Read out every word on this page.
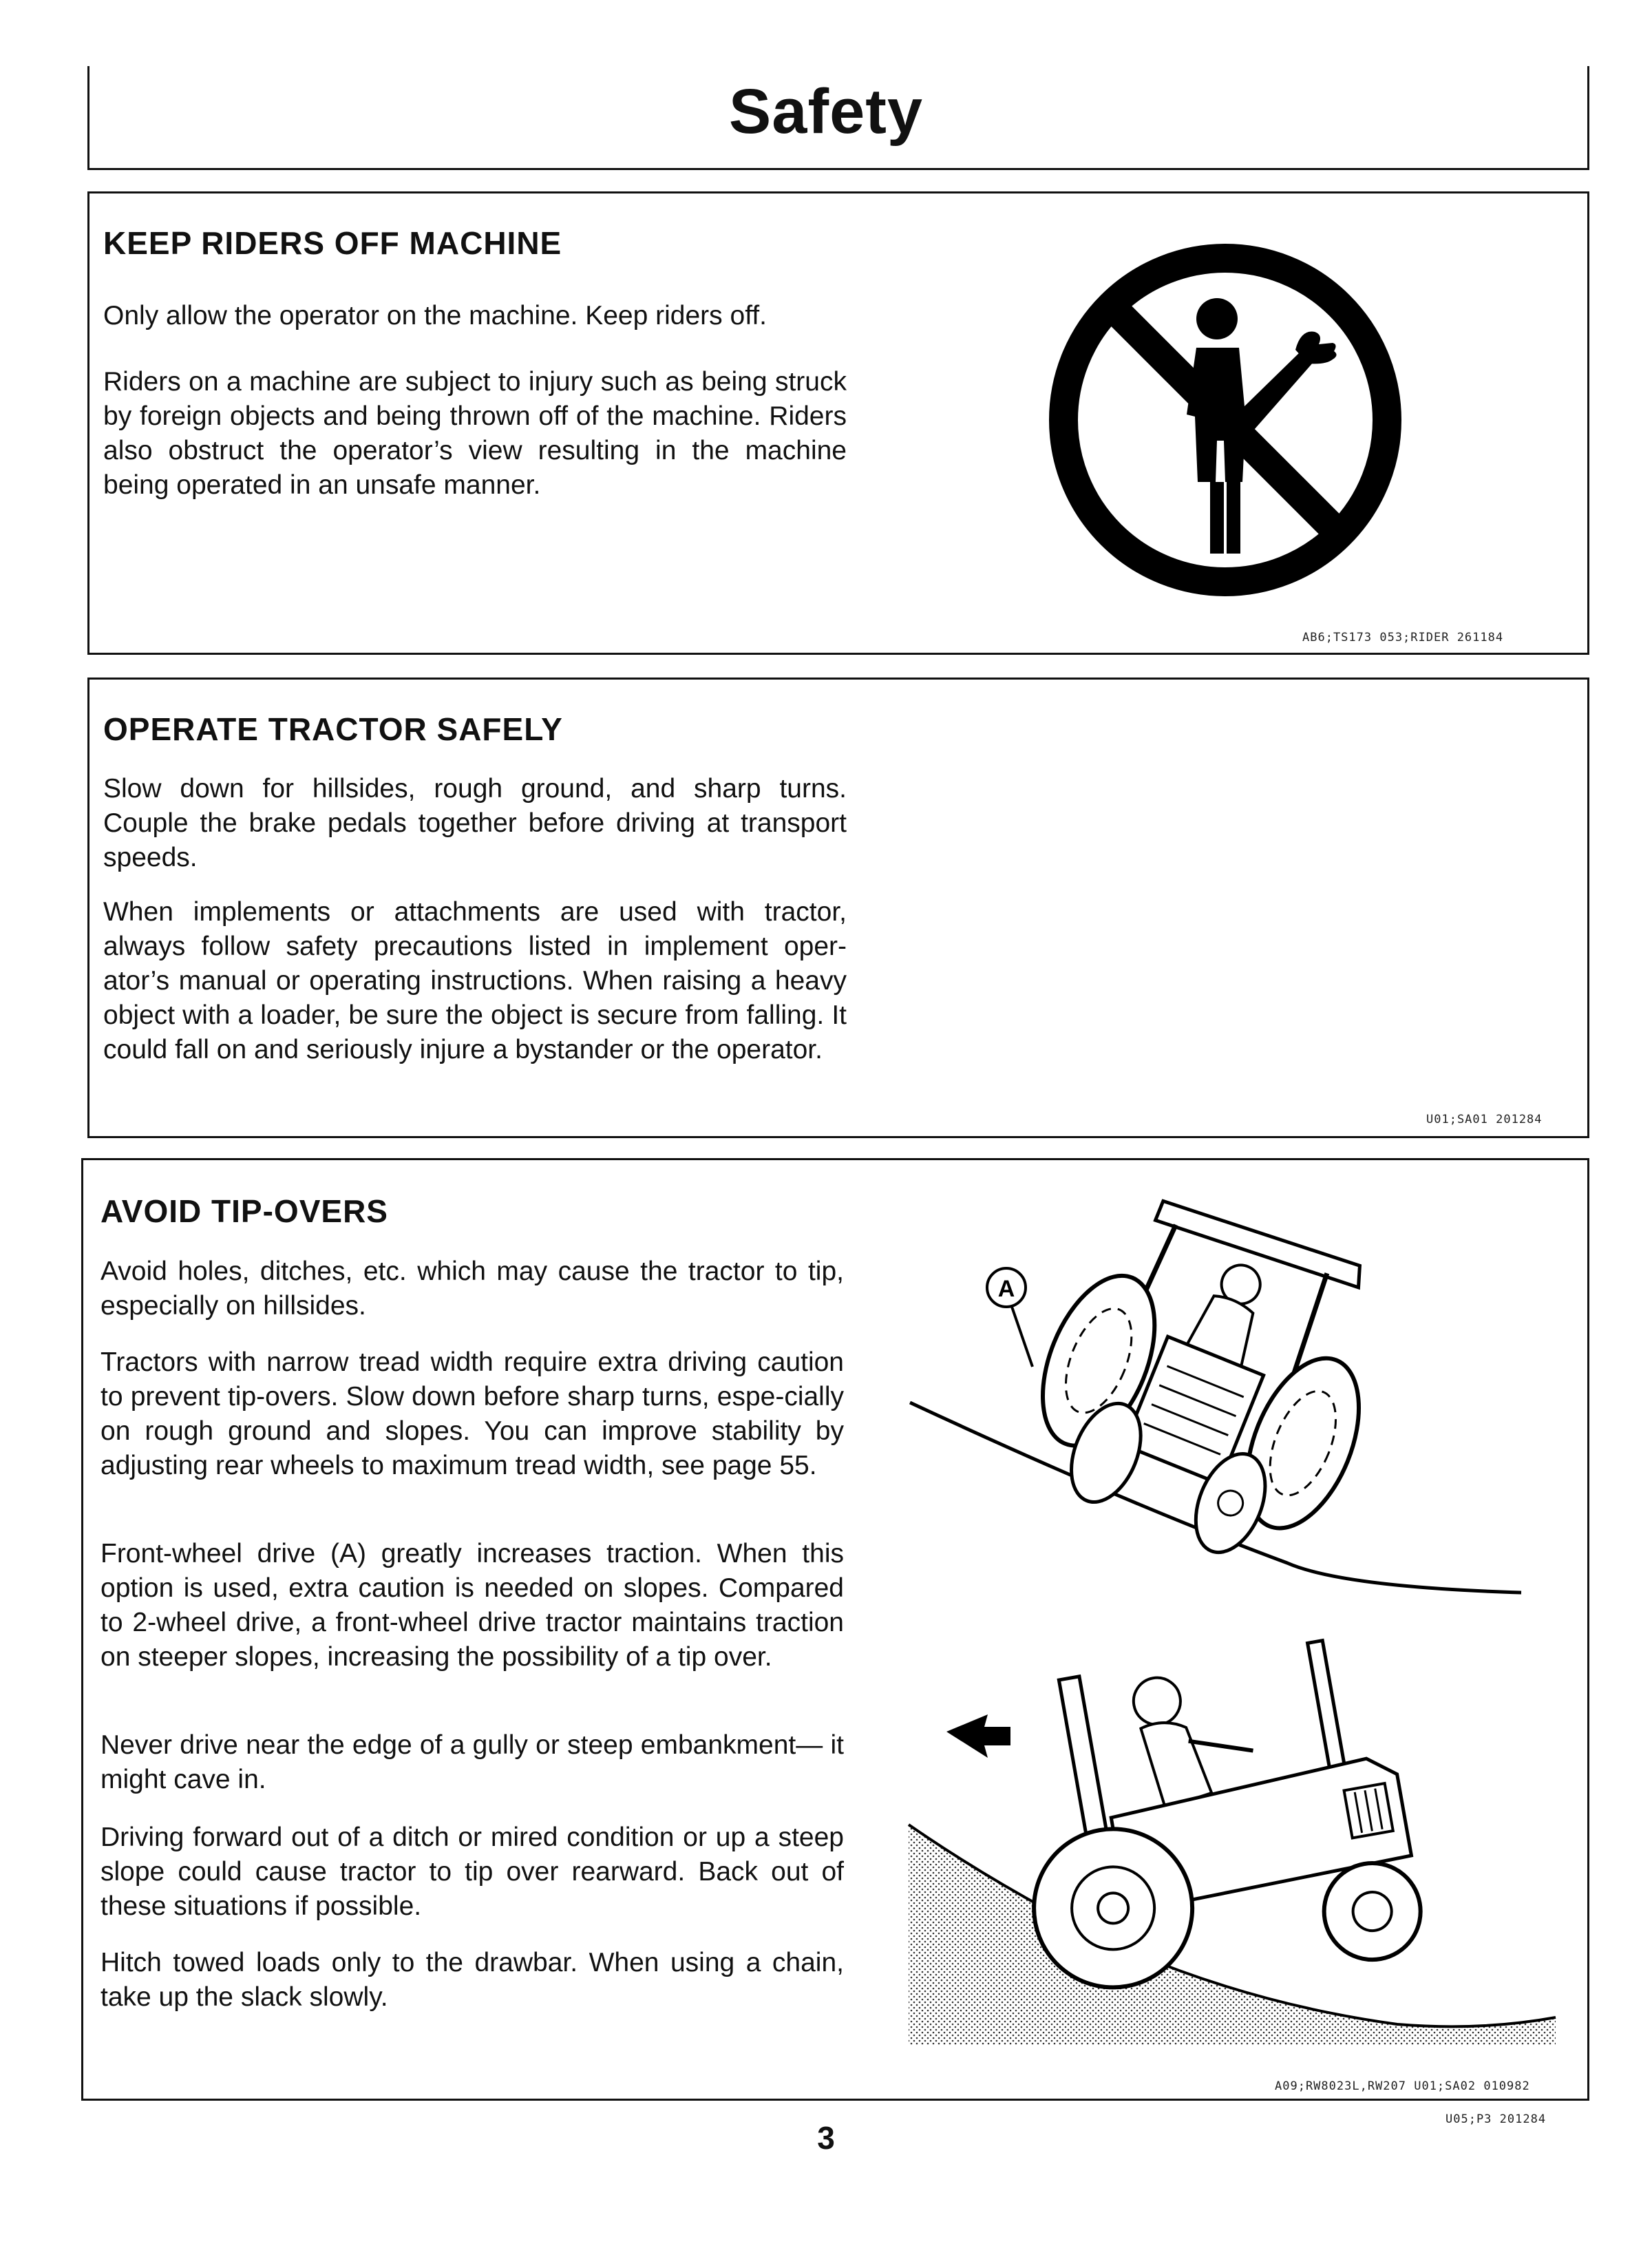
Safety
KEEP RIDERS OFF MACHINE
Only allow the operator on the machine. Keep riders off.
Riders on a machine are subject to injury such as being struck by foreign objects and being thrown off of the machine. Riders also obstruct the operator’s view resulting in the machine being operated in an unsafe manner.
AB6;TS173 053;RIDER 261184
OPERATE TRACTOR SAFELY
Slow down for hillsides, rough ground, and sharp turns. Couple the brake pedals together before driving at transport speeds.
When implements or attachments are used with tractor, always follow safety precautions listed in implement oper-ator’s manual or operating instructions. When raising a heavy object with a loader, be sure the object is secure from falling. It could fall on and seriously injure a bystander or the operator.
U01;SA01 201284
AVOID TIP-OVERS
Avoid holes, ditches, etc. which may cause the tractor to tip, especially on hillsides.
Tractors with narrow tread width require extra driving caution to prevent tip-overs. Slow down before sharp turns, espe-cially on rough ground and slopes. You can improve stability by adjusting rear wheels to maximum tread width, see page 55.
Front-wheel drive (A) greatly increases traction. When this option is used, extra caution is needed on slopes. Compared to 2-wheel drive, a front-wheel drive tractor maintains traction on steeper slopes, increasing the possibility of a tip over.
Never drive near the edge of a gully or steep embankment— it might cave in.
Driving forward out of a ditch or mired condition or up a steep slope could cause tractor to tip over rearward. Back out of these situations if possible.
Hitch towed loads only to the drawbar. When using a chain, take up the slack slowly.
A
A09;RW8023L,RW207 U01;SA02 010982
3
U05;P3 201284
